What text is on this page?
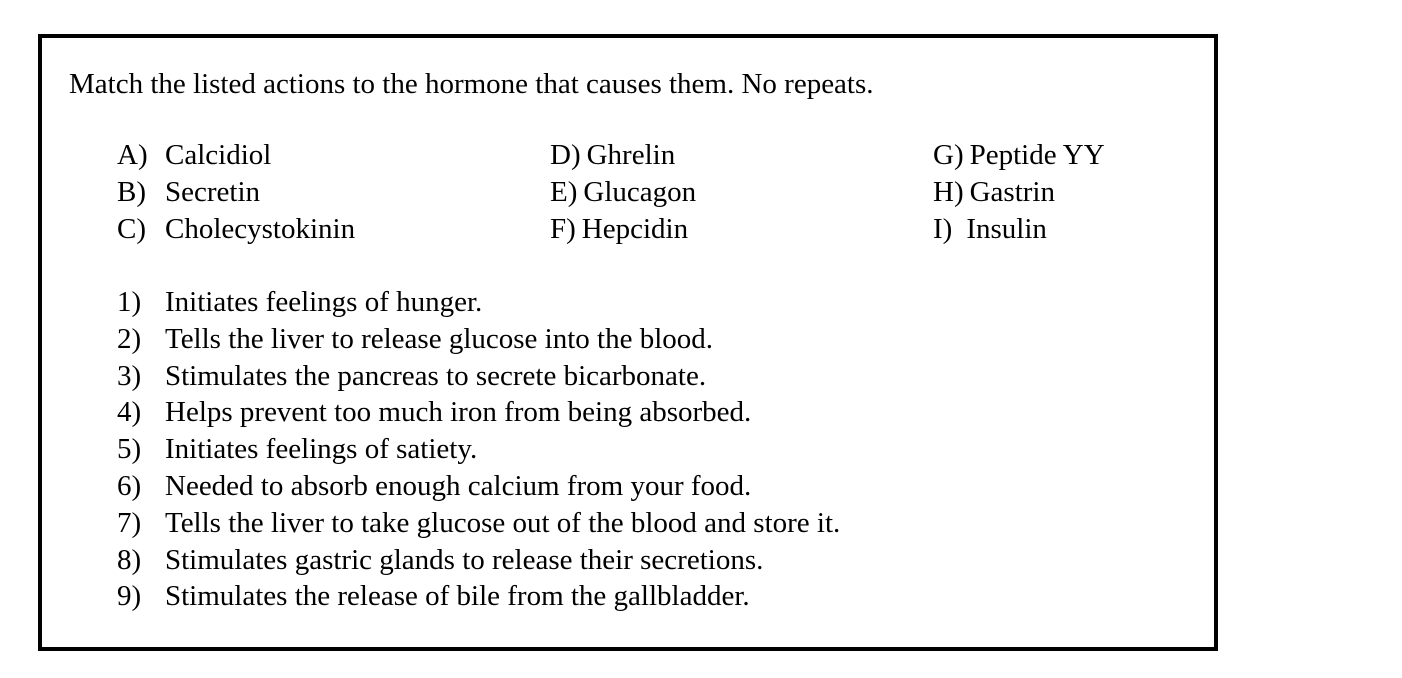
Match the listed actions to the hormone that causes them. No repeats.
A) Calcidiol
B) Secretin
C) Cholecystokinin
D) Ghrelin
E) Glucagon
F) Hepcidin
G) Peptide YY
H) Gastrin
I) Insulin
1) Initiates feelings of hunger.
2) Tells the liver to release glucose into the blood.
3) Stimulates the pancreas to secrete bicarbonate.
4) Helps prevent too much iron from being absorbed.
5) Initiates feelings of satiety.
6) Needed to absorb enough calcium from your food.
7) Tells the liver to take glucose out of the blood and store it.
8) Stimulates gastric glands to release their secretions.
9) Stimulates the release of bile from the gallbladder.
